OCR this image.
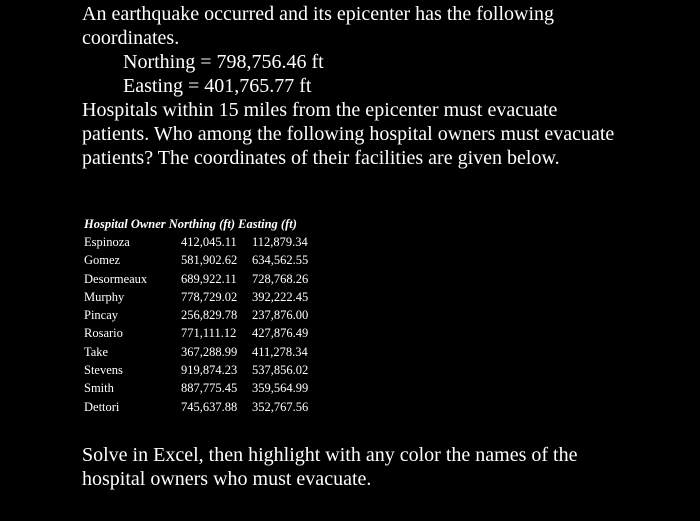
An earthquake occurred and its epicenter has the following coordinates.

Northing = 798,756.46 ft
Easting = 401,765.77 ft

Hospitals within 15 miles from the epicenter must evacuate patients. Who among the following hospital owners must evacuate patients? The coordinates of their facilities are given below.

Hospital Owner Northing (ft) Easting (ft)
Espinoza	412,045.11 112,879.34
Gomez	581,902.62 634,562.55
Desormeaux	689,922.11 728,768.26
Murphy	778,729.02 392,222.45
Pincay	256,829.78 237,876.00
Rosario	771,111.12 427,876.49
Take	367,288.99 411,278.34
Stevens	919,874.23 537,856.02
Smith	887,775.45 359,564.99
Dettori	745,637.88 352,767.56

Solve in Excel, then highlight with any color the names of the hospital owners who must evacuate.
